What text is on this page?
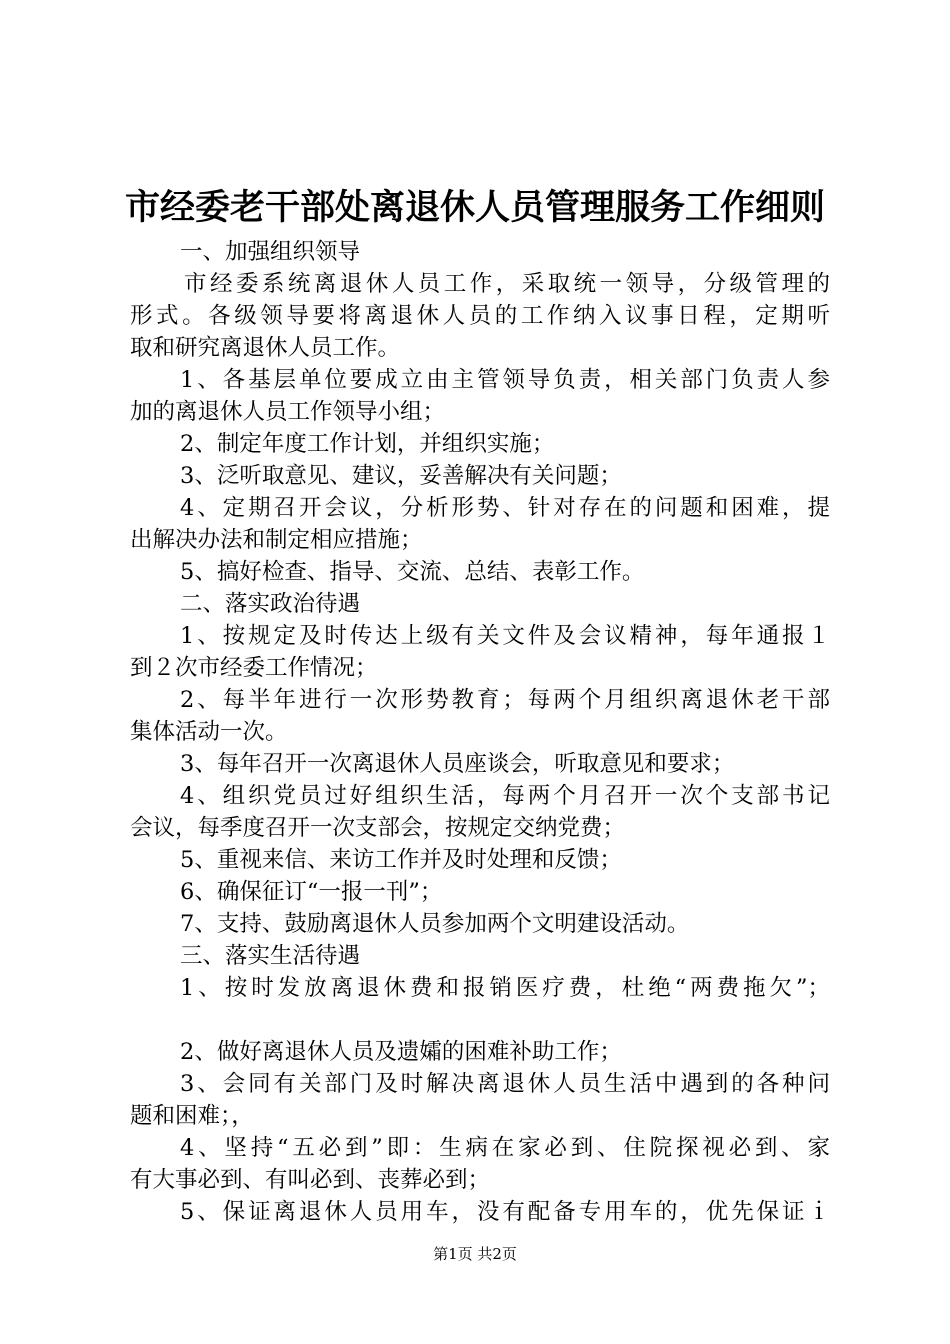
市经委老干部处离退休人员管理服务工作细则
一、加强组织领导
市经委系统离退休人员工作，采取统一领导，分级管理的
形式。各级领导要将离退休人员的工作纳入议事日程，定期听
取和研究离退休人员工作。
1、各基层单位要成立由主管领导负责，相关部门负责人参
加的离退休人员工作领导小组；
2、制定年度工作计划，并组织实施；
3、泛听取意见、建议，妥善解决有关问题；
4、定期召开会议，分析形势、针对存在的问题和困难，提
出解决办法和制定相应措施；
5、搞好检查、指导、交流、总结、表彰工作。
二、落实政治待遇
1、按规定及时传达上级有关文件及会议精神，每年通报１
到２次市经委工作情况；
2、每半年进行一次形势教育；每两个月组织离退休老干部
集体活动一次。
3、每年召开一次离退休人员座谈会，听取意见和要求；
4、组织党员过好组织生活，每两个月召开一次个支部书记
会议，每季度召开一次支部会，按规定交纳党费；
5、重视来信、来访工作并及时处理和反馈；
6、确保征订“一报一刊”；
7、支持、鼓励离退休人员参加两个文明建设活动。
三、落实生活待遇
1、按时发放离退休费和报销医疗费，杜绝“两费拖欠”；
2、做好离退休人员及遗孀的困难补助工作；
3、会同有关部门及时解决离退休人员生活中遇到的各种问
题和困难；，
4、坚持“五必到”即：生病在家必到、住院探视必到、家
有大事必到、有叫必到、丧葬必到；
5、保证离退休人员用车，没有配备专用车的，优先保证ｉ
第1页 共2页
